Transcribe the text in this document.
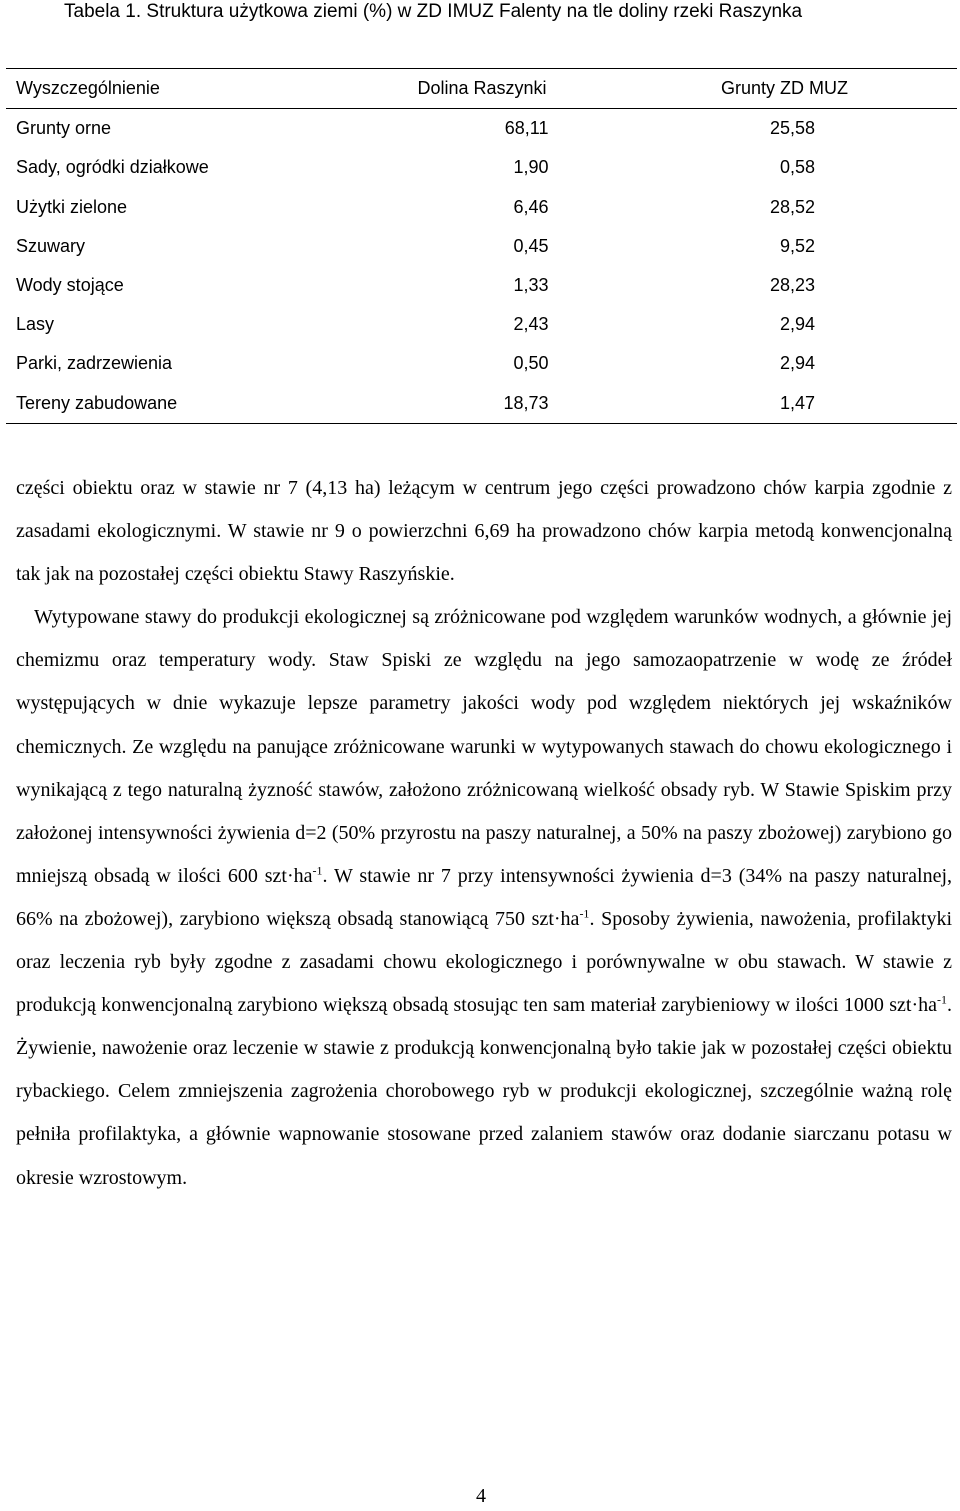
Tabela 1. Struktura użytkowa ziemi (%) w ZD IMUZ Falenty na tle doliny rzeki Raszynka

Wyszczególnienie	Dolina Raszynki	Grunty ZD MUZ
Grunty orne	68,11	25,58
Sady, ogródki działkowe	1,90	0,58
Użytki zielone	6,46	28,52
Szuwary	0,45	9,52
Wody stojące	1,33	28,23
Lasy	2,43	2,94
Parki, zadrzewienia	0,50	2,94
Tereny zabudowane	18,73	1,47

części obiektu oraz w stawie nr 7 (4,13 ha) leżącym w centrum jego części prowadzono chów karpia zgodnie z zasadami ekologicznymi. W stawie nr 9 o powierzchni 6,69 ha prowadzono chów karpia metodą konwencjonalną tak jak na pozostałej części obiektu Stawy Raszyńskie.

Wytypowane stawy do produkcji ekologicznej są zróżnicowane pod względem warunków wodnych, a głównie jej chemizmu oraz temperatury wody. Staw Spiski ze względu na jego samozaopatrzenie w wodę ze źródeł występujących w dnie wykazuje lepsze parametry jakości wody pod względem niektórych jej wskaźników chemicznych. Ze względu na panujące zróżnicowane warunki w wytypowanych stawach do chowu ekologicznego i wynikającą z tego naturalną żyzność stawów, założono zróżnicowaną wielkość obsady ryb. W Stawie Spiskim przy założonej intensywności żywienia d=2 (50% przyrostu na paszy naturalnej, a 50% na paszy zbożowej) zarybiono go mniejszą obsadą w ilości 600 $szt\cdot ha^{-1}$. W stawie nr 7 przy intensywności żywienia d=3 (34% na paszy naturalnej, 66% na zbożowej), zarybiono większą obsadą stanowiącą 750 $szt\cdot ha^{-1}$. Sposoby żywienia, nawożenia, profilaktyki oraz leczenia ryb były zgodne z zasadami chowu ekologicznego i porównywalne w obu stawach. W stawie z produkcją konwencjonalną zarybiono większą obsadą stosując ten sam materiał zarybieniowy w ilości 1000 $szt\cdot ha^{-1}$. Żywienie, nawożenie oraz leczenie w stawie z produkcją konwencjonalną było takie jak w pozostałej części obiektu rybackiego. Celem zmniejszenia zagrożenia chorobowego ryb w produkcji ekologicznej, szczególnie ważną rolę pełniła profilaktyka, a głównie wapnowanie stosowane przed zalaniem stawów oraz dodanie siarczanu potasu w okresie wzrostowym.

4
